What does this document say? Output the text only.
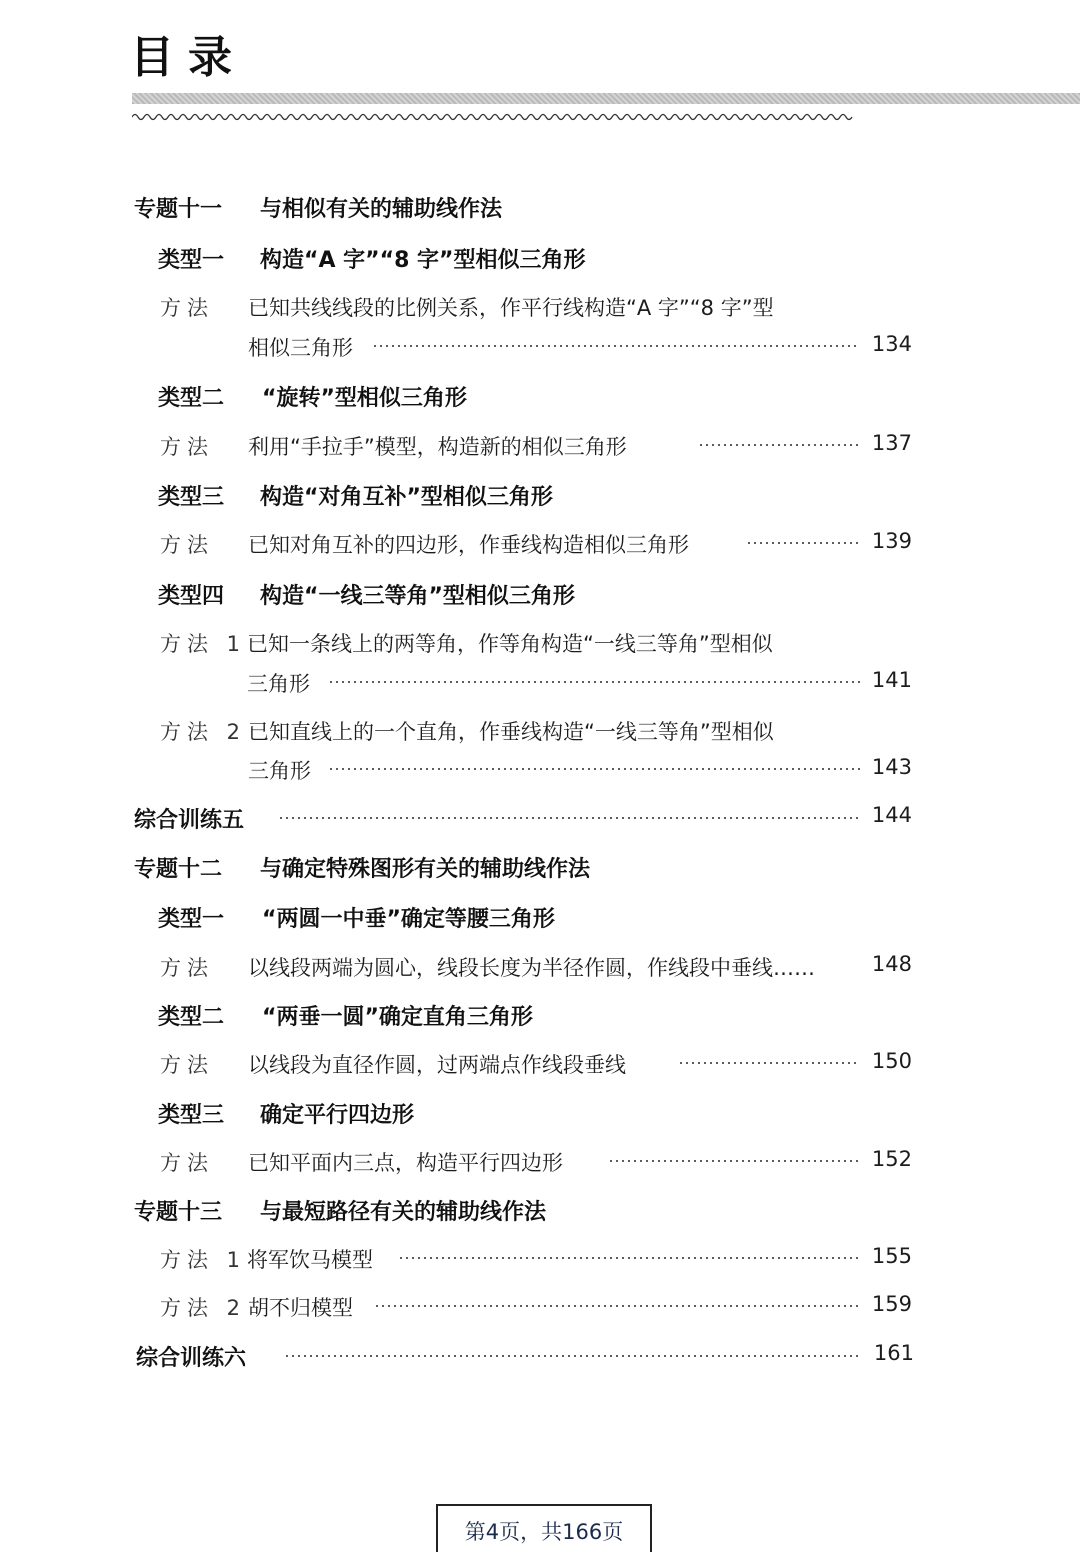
目录
专题十一 与相似有关的辅助线作法
类型一 构造“A 字”“8 字”型相似三角形
方法 已知共线线段的比例关系，作平行线构造“A 字”“8 字”型
相似三角形	134
类型二 “旋转”型相似三角形
方法 利用“手拉手”模型，构造新的相似三角形	137
类型三 构造“对角互补”型相似三角形
方法 已知对角互补的四边形，作垂线构造相似三角形	139
类型四 构造“一线三等角”型相似三角形
方法 1 已知一条线上的两等角，作等角构造“一线三等角”型相似
三角形	141
方法 2 已知直线上的一个直角，作垂线构造“一线三等角”型相似
三角形	143
综合训练五	144
专题十二 与确定特殊图形有关的辅助线作法
类型一 “两圆一中垂”确定等腰三角形
方法 以线段两端为圆心，线段长度为半径作圆，作线段中垂线……	148
类型二 “两垂一圆”确定直角三角形
方法 以线段为直径作圆，过两端点作线段垂线	150
类型三 确定平行四边形
方法 已知平面内三点，构造平行四边形	152
专题十三 与最短路径有关的辅助线作法
方法 1 将军饮马模型	155
方法 2 胡不归模型	159
综合训练六	161
第4页，共166页
